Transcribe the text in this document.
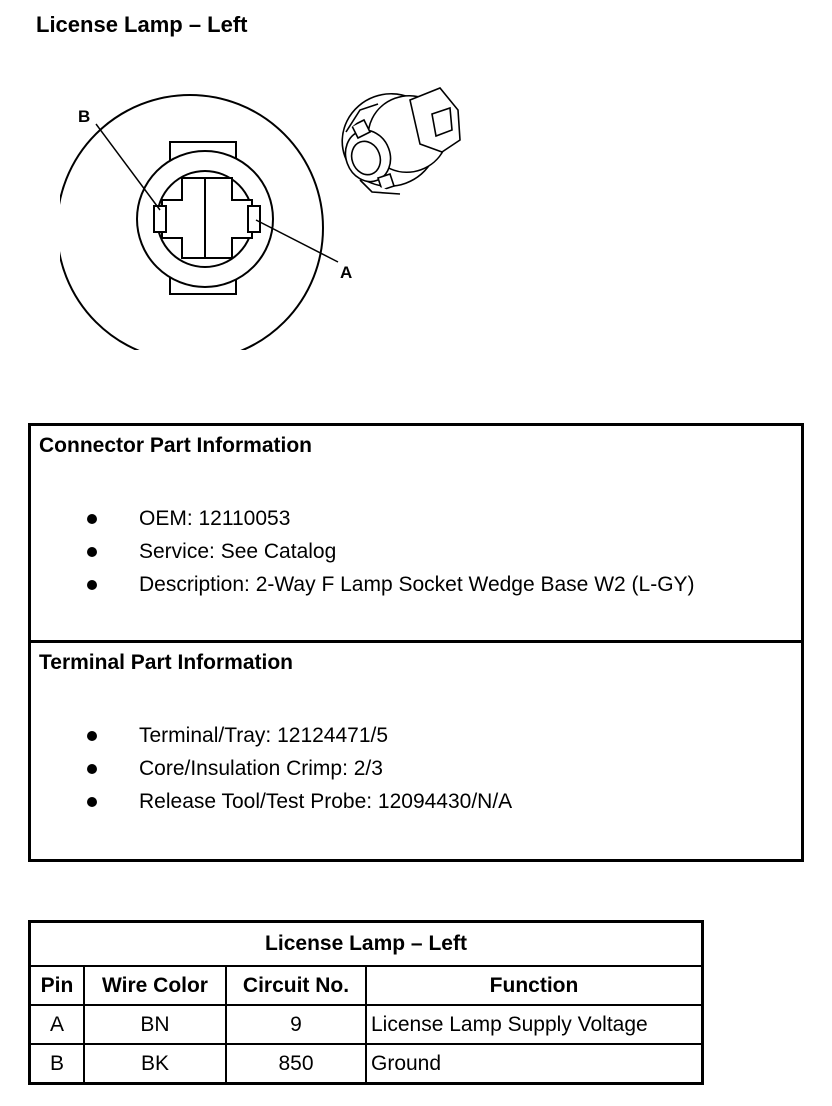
License Lamp – Left
B
A
Connector Part Information
OEM: 12110053
Service: See Catalog
Description: 2-Way F Lamp Socket Wedge Base W2 (L-GY)
Terminal Part Information
Terminal/Tray: 12124471/5
Core/Insulation Crimp: 2/3
Release Tool/Test Probe: 12094430/N/A
License Lamp – Left			
Pin	Wire Color	Circuit No.	Function
A	BN	9	License Lamp Supply Voltage
B	BK	850	Ground
